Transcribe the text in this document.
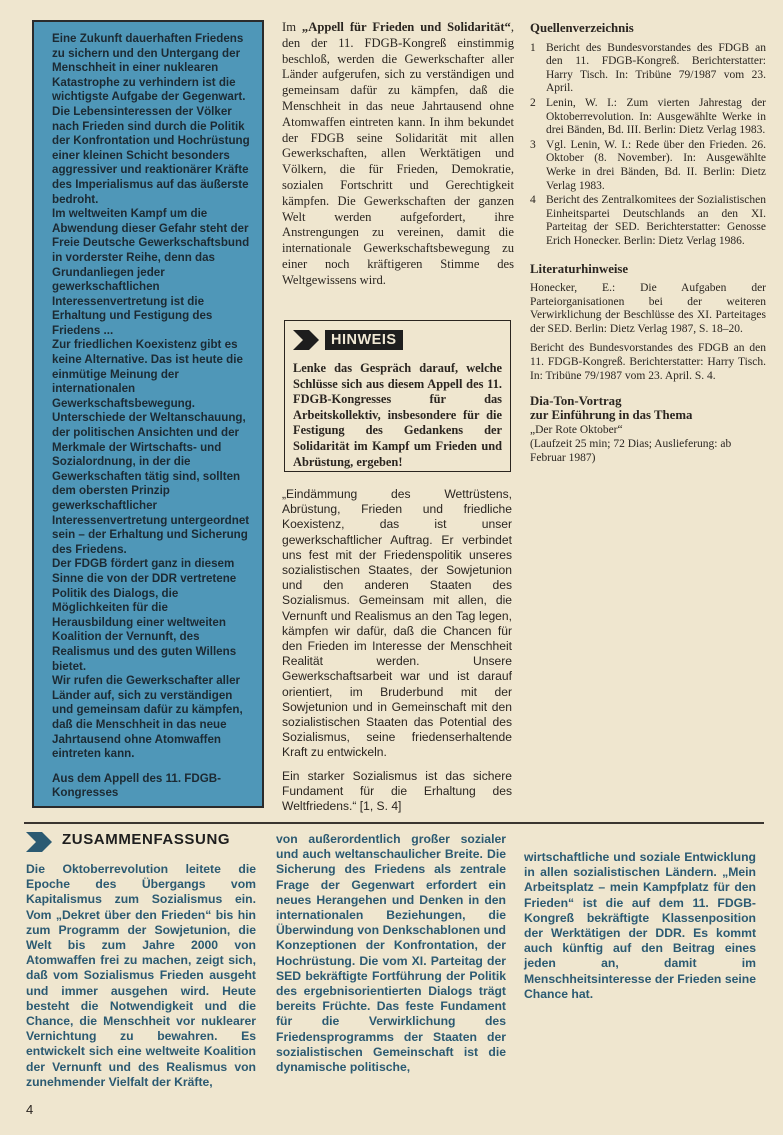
Eine Zukunft dauerhaften Friedens zu sichern und den Untergang der Menschheit in einer nuklearen Katastrophe zu verhindern ist die wichtigste Aufgabe der Gegenwart.

Die Lebensinteressen der Völker nach Frieden sind durch die Politik der Konfrontation und Hochrüstung einer kleinen Schicht besonders aggressiver und reaktionärer Kräfte des Imperialismus auf das äußerste bedroht.

Im weltweiten Kampf um die Abwendung dieser Gefahr steht der Freie Deutsche Gewerkschaftsbund in vorderster Reihe, denn das Grundanliegen jeder gewerkschaftlichen Interessenvertretung ist die Erhaltung und Festigung des Friedens ...

Zur friedlichen Koexistenz gibt es keine Alternative. Das ist heute die einmütige Meinung der internationalen Gewerkschaftsbewegung.

Unterschiede der Weltanschauung, der politischen Ansichten und der Merkmale der Wirtschafts- und Sozialordnung, in der die Gewerkschaften tätig sind, sollten dem obersten Prinzip gewerkschaftlicher Interessenvertretung untergeordnet sein – der Erhaltung und Sicherung des Friedens.

Der FDGB fördert ganz in diesem Sinne die von der DDR vertretene Politik des Dialogs, die Möglichkeiten für die Herausbildung einer weltweiten Koalition der Vernunft, des Realismus und des guten Willens bietet.

Wir rufen die Gewerkschafter aller Länder auf, sich zu verständigen und gemeinsam dafür zu kämpfen, daß die Menschheit in das neue Jahrtausend ohne Atomwaffen eintreten kann.

Aus dem Appell des 11. FDGB-Kongresses

Im „Appell für Frieden und Solidarität“, den der 11. FDGB-Kongreß einstimmig beschloß, werden die Gewerkschafter aller Länder aufgerufen, sich zu verständigen und gemeinsam dafür zu kämpfen, daß die Menschheit in das neue Jahrtausend ohne Atomwaffen eintreten kann. In ihm bekundet der FDGB seine Solidarität mit allen Gewerkschaften, allen Werktätigen und Völkern, die für Frieden, Demokratie, sozialen Fortschritt und Gerechtigkeit kämpfen. Die Gewerkschaften der ganzen Welt werden aufgefordert, ihre Anstrengungen zu vereinen, damit die internationale Gewerkschaftsbewegung zu einer noch kräftigeren Stimme des Weltgewissens wird.

HINWEIS

Lenke das Gespräch darauf, welche Schlüsse sich aus diesem Appell des 11. FDGB-Kongresses für das Arbeitskollektiv, insbesondere für die Festigung des Gedankens der Solidarität im Kampf um Frieden und Abrüstung, ergeben!

„Eindämmung des Wettrüstens, Abrüstung, Frieden und friedliche Koexistenz, das ist unser gewerkschaftlicher Auftrag. Er verbindet uns fest mit der Friedenspolitik unseres sozialistischen Staates, der Sowjetunion und den anderen Staaten des Sozialismus. Gemeinsam mit allen, die Vernunft und Realismus an den Tag legen, kämpfen wir dafür, daß die Chancen für den Frieden im Interesse der Menschheit Realität werden. Unsere Gewerkschaftsarbeit war und ist darauf orientiert, im Bruderbund mit der Sowjetunion und in Gemeinschaft mit den sozialistischen Staaten das Potential des Sozialismus, seine friedenserhaltende Kraft zu entwickeln.

Ein starker Sozialismus ist das sichere Fundament für die Erhaltung des Weltfriedens.“ [1, S. 4]

Quellenverzeichnis
1 Bericht des Bundesvorstandes des FDGB an den 11. FDGB-Kongreß. Berichterstatter: Harry Tisch. In: Tribüne 79/1987 vom 23. April.
2 Lenin, W. I.: Zum vierten Jahrestag der Oktoberrevolution. In: Ausgewählte Werke in drei Bänden, Bd. III. Berlin: Dietz Verlag 1983.
3 Vgl. Lenin, W. I.: Rede über den Frieden. 26. Oktober (8. November). In: Ausgewählte Werke in drei Bänden, Bd. II. Berlin: Dietz Verlag 1983.
4 Bericht des Zentralkomitees der Sozialistischen Einheitspartei Deutschlands an den XI. Parteitag der SED. Berichterstatter: Genosse Erich Honecker. Berlin: Dietz Verlag 1986.
Literaturhinweise

Honecker, E.: Die Aufgaben der Parteiorganisationen bei der weiteren Verwirklichung der Beschlüsse des XI. Parteitages der SED. Berlin: Dietz Verlag 1987, S. 18–20.

Bericht des Bundesvorstandes des FDGB an den 11. FDGB-Kongreß. Berichterstatter: Harry Tisch. In: Tribüne 79/1987 vom 23. April. S. 4.

Dia-Ton-Vortrag
zur Einführung in das Thema

„Der Rote Oktober“

(Laufzeit 25 min; 72 Dias; Auslieferung: ab Februar 1987)

ZUSAMMENFASSUNG

Die Oktoberrevolution leitete die Epoche des Übergangs vom Kapitalismus zum Sozialismus ein. Vom „Dekret über den Frieden“ bis hin zum Programm der Sowjetunion, die Welt bis zum Jahre 2000 von Atomwaffen frei zu machen, zeigt sich, daß vom Sozialismus Frieden ausgeht und immer ausgehen wird. Heute besteht die Notwendigkeit und die Chance, die Menschheit vor nuklearer Vernichtung zu bewahren. Es entwickelt sich eine weltweite Koalition der Vernunft und des Realismus von zunehmender Vielfalt der Kräfte,

von außerordentlich großer sozialer und auch weltanschaulicher Breite. Die Sicherung des Friedens als zentrale Frage der Gegenwart erfordert ein neues Herangehen und Denken in den internationalen Beziehungen, die Überwindung von Denkschablonen und Konzeptionen der Konfrontation, der Hochrüstung. Die vom XI. Parteitag der SED bekräftigte Fortführung der Politik des ergebnisorientierten Dialogs trägt bereits Früchte. Das feste Fundament für die Verwirklichung des Friedensprogramms der Staaten der sozialistischen Gemeinschaft ist die dynamische politische,

wirtschaftliche und soziale Entwicklung in allen sozialistischen Ländern. „Mein Arbeitsplatz – mein Kampfplatz für den Frieden“ ist die auf dem 11. FDGB-Kongreß bekräftigte Klassenposition der Werktätigen der DDR. Es kommt auch künftig auf den Beitrag eines jeden an, damit im Menschheitsinteresse der Frieden seine Chance hat.

4
